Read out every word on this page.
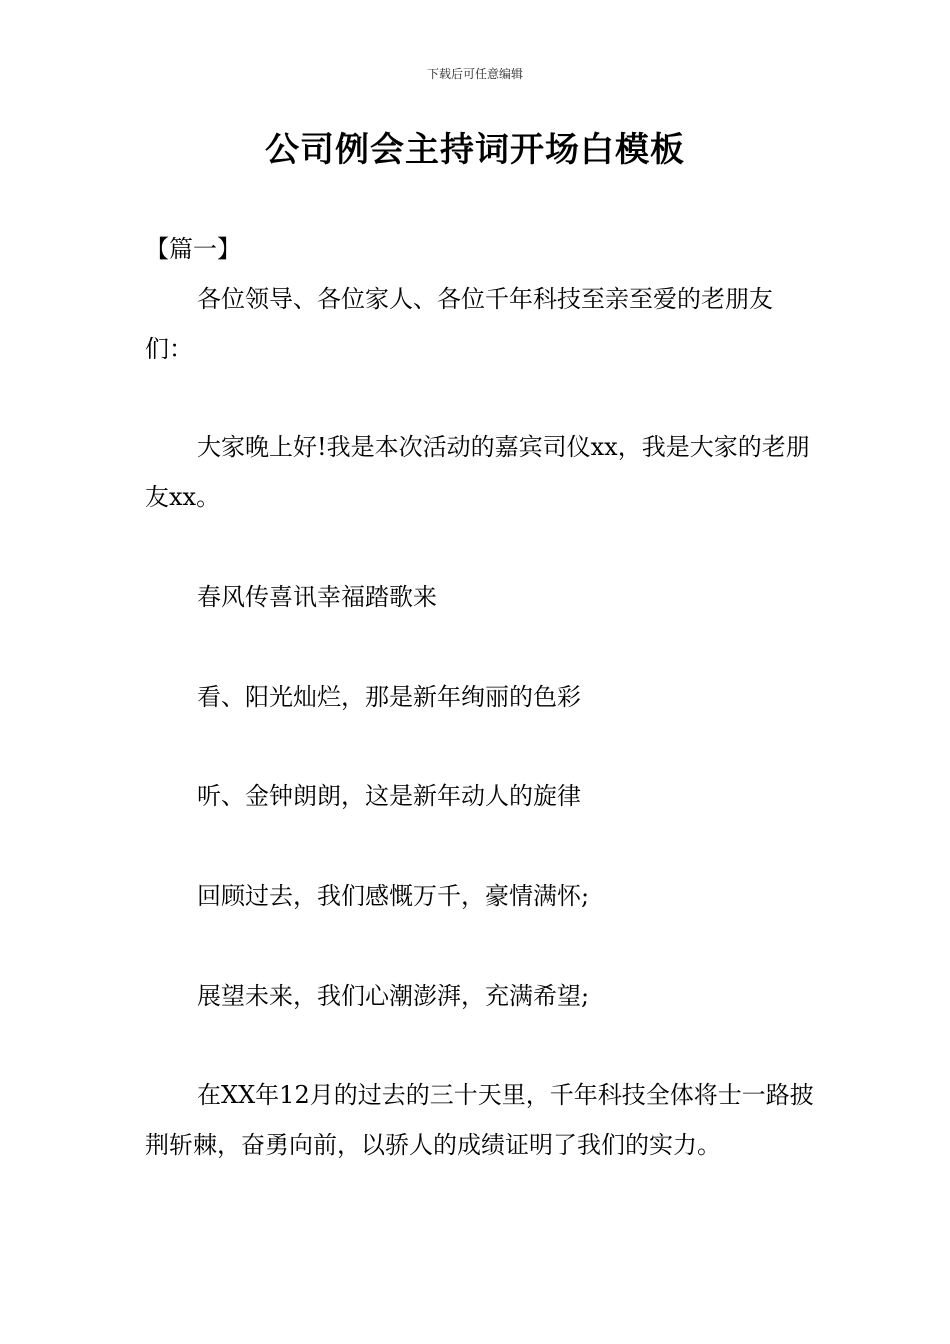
下载后可任意编辑
公司例会主持词开场白模板
【篇一】

各位领导、各位家人、各位千年科技至亲至爱的老朋友们：

大家晚上好!我是本次活动的嘉宾司仪xx，我是大家的老朋友xx。

春风传喜讯幸福踏歌来

看、阳光灿烂，那是新年绚丽的色彩

听、金钟朗朗，这是新年动人的旋律

回顾过去，我们感慨万千，豪情满怀;

展望未来，我们心潮澎湃，充满希望;

在XX年12月的过去的三十天里，千年科技全体将士一路披荆斩棘，奋勇向前，以骄人的成绩证明了我们的实力。
